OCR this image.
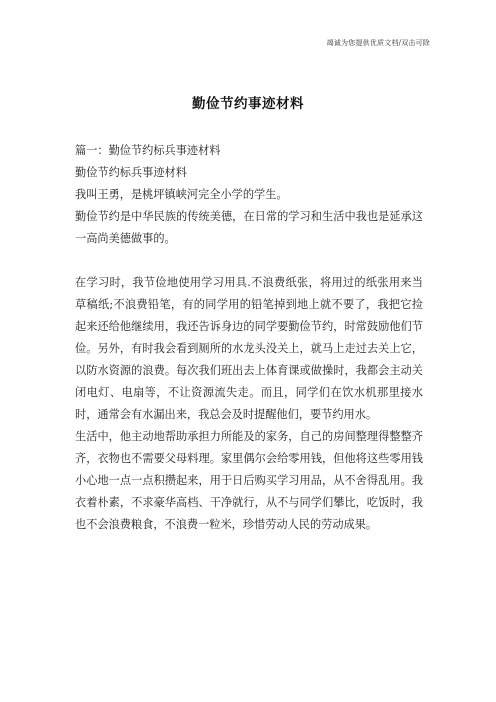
竭诚为您提供优质文档/双击可除
勤俭节约事迹材料

篇一：勤俭节约标兵事迹材料

勤俭节约标兵事迹材料

我叫王勇，是桃坪镇峡河完全小学的学生。

勤俭节约是中华民族的传统美德，在日常的学习和生活中我也是延承这一高尚美德做事的。

在学习时，我节俭地使用学习用具.不浪费纸张，将用过的纸张用来当草稿纸;不浪费铅笔，有的同学用的铅笔掉到地上就不要了，我把它捡起来还给他继续用，我还告诉身边的同学要勤俭节约，时常鼓励他们节俭。另外，有时我会看到厕所的水龙头没关上，就马上走过去关上它，以防水资源的浪费。每次我们班出去上体育课或做操时，我都会主动关闭电灯、电扇等，不让资源流失走。而且，同学们在饮水机那里接水时，通常会有水漏出来，我总会及时提醒他们，要节约用水。

生活中，他主动地帮助承担力所能及的家务，自己的房间整理得整整齐齐，衣物也不需要父母料理。家里偶尔会给零用钱，但他将这些零用钱小心地一点一点积攒起来，用于日后购买学习用品，从不舍得乱用。我衣着朴素，不求豪华高档、干净就行，从不与同学们攀比，吃饭时，我也不会浪费粮食，不浪费一粒米，珍惜劳动人民的劳动成果。
